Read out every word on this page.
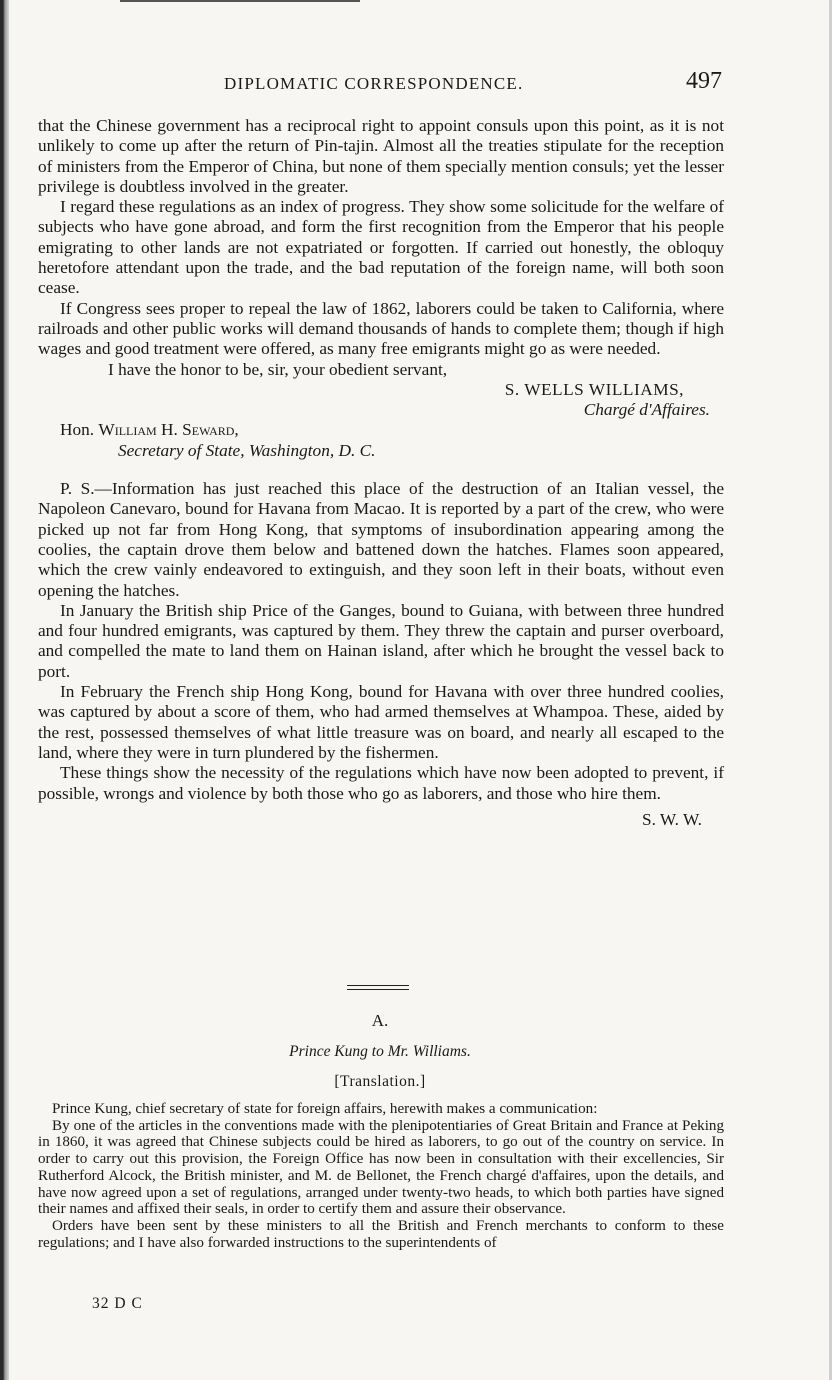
DIPLOMATIC CORRESPONDENCE.	497

that the Chinese government has a reciprocal right to appoint consuls upon this point, as it is not unlikely to come up after the return of Pin-tajin. Almost all the treaties stipulate for the reception of ministers from the Emperor of China, but none of them specially mention consuls; yet the lesser privilege is doubtless involved in the greater.

I regard these regulations as an index of progress. They show some solicitude for the welfare of subjects who have gone abroad, and form the first recognition from the Emperor that his people emigrating to other lands are not expatriated or forgotten. If carried out honestly, the obloquy heretofore attendant upon the trade, and the bad reputation of the foreign name, will both soon cease.

If Congress sees proper to repeal the law of 1862, laborers could be taken to California, where railroads and other public works will demand thousands of hands to complete them; though if high wages and good treatment were offered, as many free emigrants might go as were needed.

I have the honor to be, sir, your obedient servant,

S. WELLS WILLIAMS,

Chargé d'Affaires.

Hon. William H. Seward,

Secretary of State, Washington, D. C.

P. S.—Information has just reached this place of the destruction of an Italian vessel, the Napoleon Canevaro, bound for Havana from Macao. It is reported by a part of the crew, who were picked up not far from Hong Kong, that symptoms of insubordination appearing among the coolies, the captain drove them below and battened down the hatches. Flames soon appeared, which the crew vainly endeavored to extinguish, and they soon left in their boats, without even opening the hatches.

In January the British ship Price of the Ganges, bound to Guiana, with between three hundred and four hundred emigrants, was captured by them. They threw the captain and purser overboard, and compelled the mate to land them on Hainan island, after which he brought the vessel back to port.

In February the French ship Hong Kong, bound for Havana with over three hundred coolies, was captured by about a score of them, who had armed themselves at Whampoa. These, aided by the rest, possessed themselves of what little treasure was on board, and nearly all escaped to the land, where they were in turn plundered by the fishermen.

These things show the necessity of the regulations which have now been adopted to prevent, if possible, wrongs and violence by both those who go as laborers, and those who hire them.

S. W. W.

A.
Prince Kung to Mr. Williams.
[Translation.]

Prince Kung, chief secretary of state for foreign affairs, herewith makes a communication:

By one of the articles in the conventions made with the plenipotentiaries of Great Britain and France at Peking in 1860, it was agreed that Chinese subjects could be hired as laborers, to go out of the country on service. In order to carry out this provision, the Foreign Office has now been in consultation with their excellencies, Sir Rutherford Alcock, the British minister, and M. de Bellonet, the French chargé d'affaires, upon the details, and have now agreed upon a set of regulations, arranged under twenty-two heads, to which both parties have signed their names and affixed their seals, in order to certify them and assure their observance.

Orders have been sent by these ministers to all the British and French merchants to conform to these regulations; and I have also forwarded instructions to the superintendents of

32 D C
